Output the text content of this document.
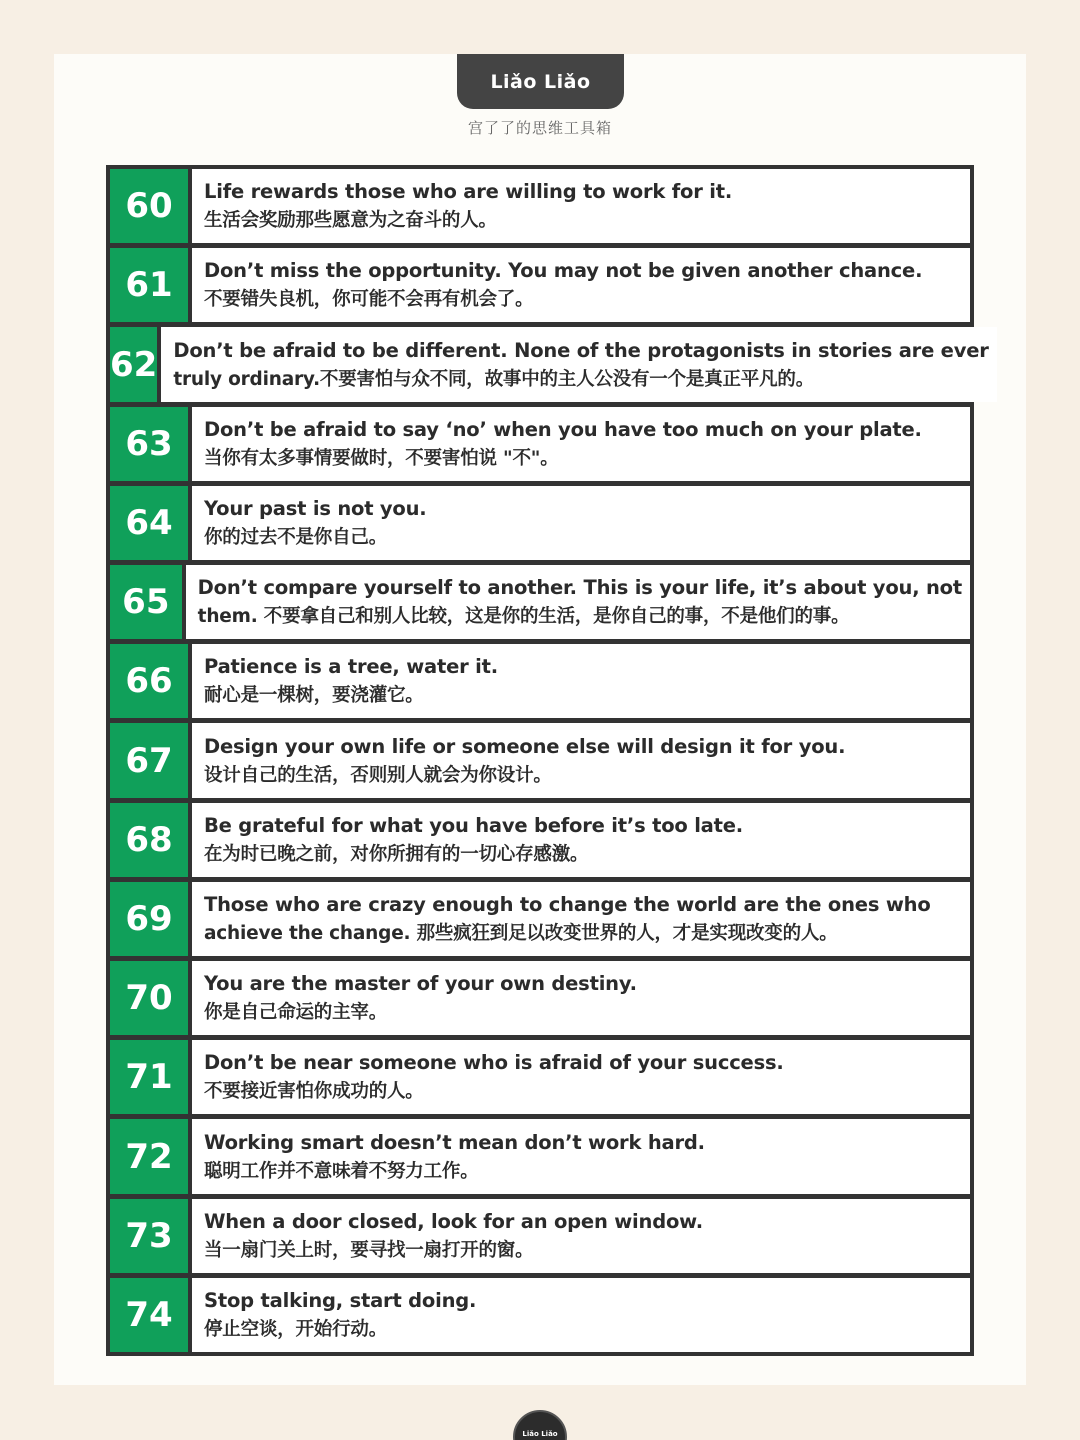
Liǎo Liǎo
宫了了的思维工具箱
60	Life rewards those who are willing to work for it.
生活会奖励那些愿意为之奋斗的人。
61	Don’t miss the opportunity. You may not be given another chance.
不要错失良机，你可能不会再有机会了。
62 Don’t be afraid to be different. None of the protagonists in stories are ever
truly ordinary.不要害怕与众不同，故事中的主人公没有一个是真正平凡的。
63	Don’t be afraid to say ‘no’ when you have too much on your plate.
当你有太多事情要做时，不要害怕说 "不"。
64	Your past is not you.
你的过去不是你自己。
65	Don’t compare yourself to another. This is your life, it’s about you, not
them. 不要拿自己和别人比较，这是你的生活，是你自己的事，不是他们的事。
66	Patience is a tree, water it.
耐心是一棵树，要浇灌它。
67	Design your own life or someone else will design it for you.
设计自己的生活，否则别人就会为你设计。
68	Be grateful for what you have before it’s too late.
在为时已晚之前，对你所拥有的一切心存感激。
69	Those who are crazy enough to change the world are the ones who
achieve the change. 那些疯狂到足以改变世界的人，才是实现改变的人。
70	You are the master of your own destiny.
你是自己命运的主宰。
71	Don’t be near someone who is afraid of your success.
不要接近害怕你成功的人。
72	Working smart doesn’t mean don’t work hard.
聪明工作并不意味着不努力工作。
73	When a door closed, look for an open window.
当一扇门关上时，要寻找一扇打开的窗。
74	Stop talking, start doing.
停止空谈，开始行动。
Liǎo Liǎo
